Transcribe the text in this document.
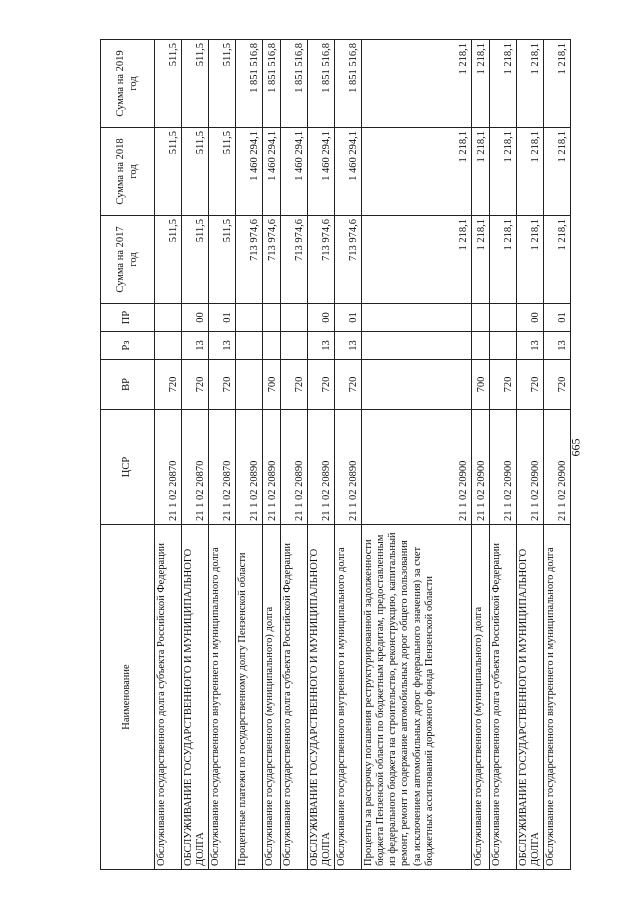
665
Наименование	ЦСР	ВР	Рз	ПР	Сумма на 2017 год	Сумма на 2018 год	Сумма на 2019 год
Обслуживание государственного долга субъекта Российской Федерации	21 1 02 20870	720			511,5	511,5	511,5
ОБСЛУЖИВАНИЕ ГОСУДАРСТВЕННОГО И МУНИЦИПАЛЬНОГО ДОЛГА	21 1 02 20870	720	13	00	511,5	511,5	511,5
Обслуживание государственного внутреннего и муниципального долга	21 1 02 20870	720	13	01	511,5	511,5	511,5
Процентные платежи по государственному долгу Пензенской области	21 1 02 20890				713 974,6	1 460 294,1	1 851 516,8
Обслуживание государственного (муниципального) долга	21 1 02 20890	700			713 974,6	1 460 294,1	1 851 516,8
Обслуживание государственного долга субъекта Российской Федерации	21 1 02 20890	720			713 974,6	1 460 294,1	1 851 516,8
ОБСЛУЖИВАНИЕ ГОСУДАРСТВЕННОГО И МУНИЦИПАЛЬНОГО ДОЛГА	21 1 02 20890	720	13	00	713 974,6	1 460 294,1	1 851 516,8
Обслуживание государственного внутреннего и муниципального долга	21 1 02 20890	720	13	01	713 974,6	1 460 294,1	1 851 516,8
Проценты за рассрочку погашения реструктурированной задолженности бюджета Пензенской области по бюджетным кредитам, предоставленным из федерального бюджета на строительство, реконструкцию, капитальный ремонт, ремонт и содержание автомобильных дорог общего пользования (за исключением автомобильных дорог федерального значения) за счет бюджетных ассигнований дорожного фонда Пензенской области	21 1 02 20900				1 218,1	1 218,1	1 218,1
Обслуживание государственного (муниципального) долга	21 1 02 20900	700			1 218,1	1 218,1	1 218,1
Обслуживание государственного долга субъекта Российской Федерации	21 1 02 20900	720			1 218,1	1 218,1	1 218,1
ОБСЛУЖИВАНИЕ ГОСУДАРСТВЕННОГО И МУНИЦИПАЛЬНОГО ДОЛГА	21 1 02 20900	720	13	00	1 218,1	1 218,1	1 218,1
Обслуживание государственного внутреннего и муниципального долга	21 1 02 20900	720	13	01	1 218,1	1 218,1	1 218,1
